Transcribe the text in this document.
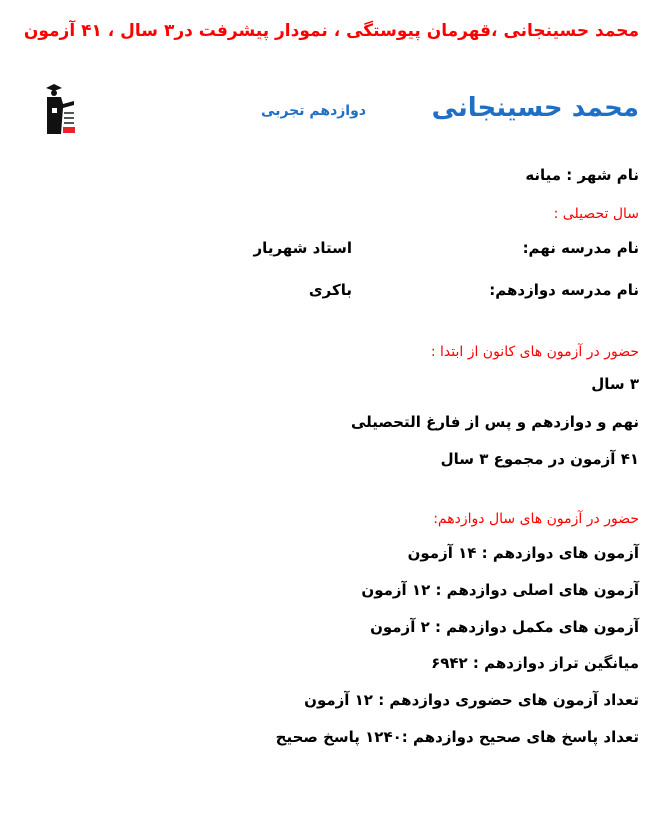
محمد حسینجانی ،قهرمان پیوستگی ، نمودار پیشرفت در۳ سال ، ۴۱ آزمون
محمد حسینجانی
دوازدهم تجربی
نام شهر : میانه
سال تحصیلی :
نام مدرسه نهم:
استاد شهریار
نام مدرسه دوازدهم:
باکری
حضور در آزمون های کانون از ابتدا :
۳ سال
نهم و دوازدهم و پس از فارغ التحصیلی
۴۱ آزمون در مجموع ۳ سال
حضور در آزمون های سال دوازدهم:
آزمون های دوازدهم : ۱۴ آزمون
آزمون های اصلی دوازدهم : ۱۲ آزمون
آزمون های مکمل دوازدهم : ۲ آزمون
میانگین تراز دوازدهم : ۶۹۴۲
تعداد آزمون های حضوری دوازدهم : ۱۲ آزمون
تعداد پاسخ های صحیح دوازدهم :۱۲۴۰ پاسخ صحیح
